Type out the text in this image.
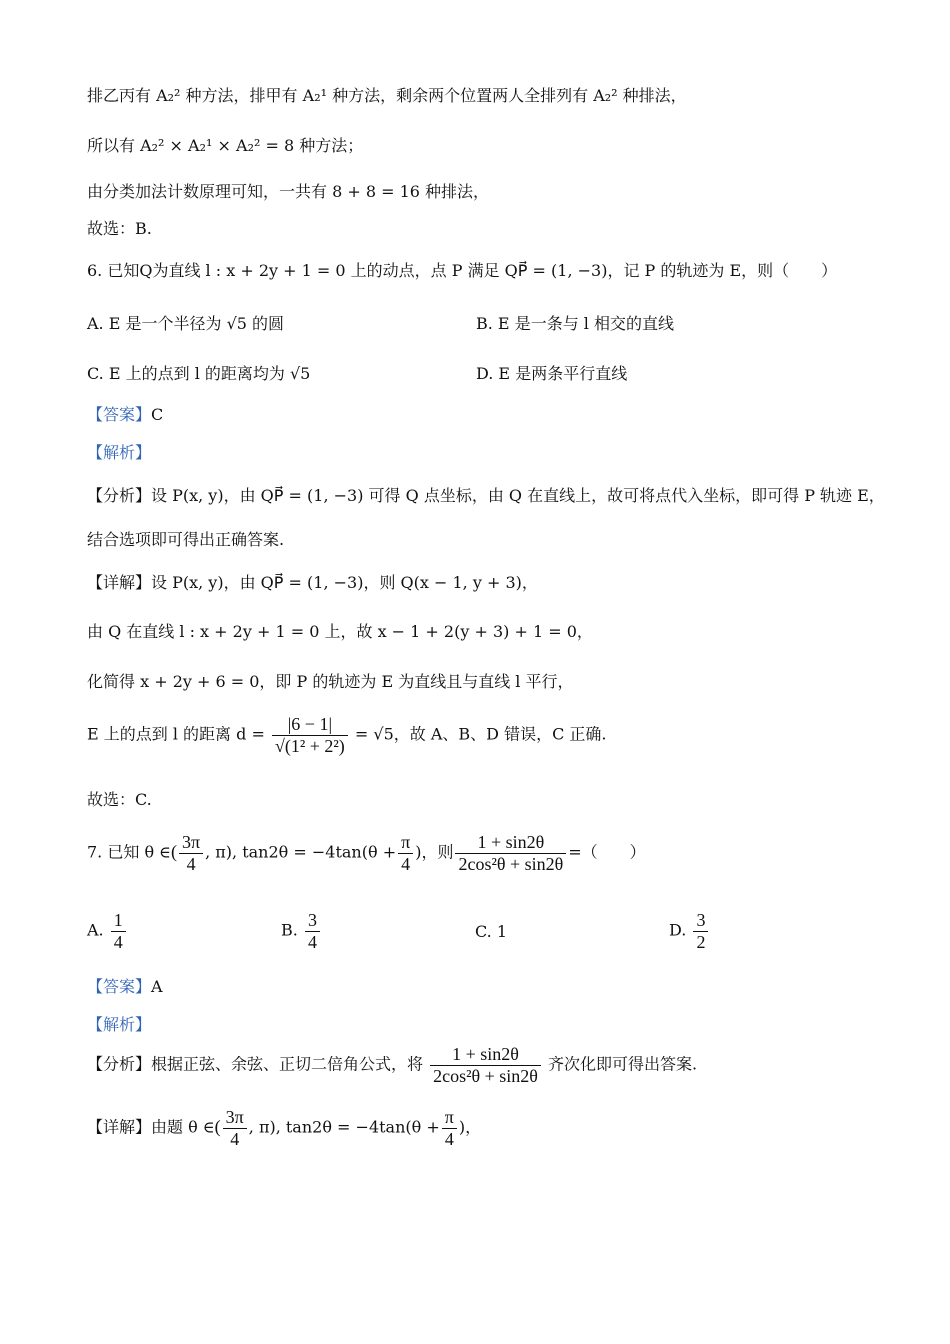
排乙丙有 A₂² 种方法，排甲有 A₂¹ 种方法，剩余两个位置两人全排列有 A₂² 种排法，
所以有 A₂² × A₂¹ × A₂² = 8 种方法；
由分类加法计数原理可知，一共有 8 + 8 = 16 种排法，
故选：B.
6. 已知Q为直线 l : x + 2y + 1 = 0 上的动点，点 P 满足 QP⃗ = (1, −3)，记 P 的轨迹为 E，则（　　）
A. E 是一个半径为 √5 的圆	B. E 是一条与 l 相交的直线
C. E 上的点到 l 的距离均为 √5	D. E 是两条平行直线
【答案】C
【解析】
【分析】设 P(x, y)，由 QP⃗ = (1, −3) 可得 Q 点坐标，由 Q 在直线上，故可将点代入坐标，即可得 P 轨迹 E，
结合选项即可得出正确答案.
【详解】设 P(x, y)，由 QP⃗ = (1, −3)，则 Q(x − 1, y + 3)，
由 Q 在直线 l : x + 2y + 1 = 0 上，故 x − 1 + 2(y + 3) + 1 = 0，
化简得 x + 2y + 6 = 0，即 P 的轨迹为 E 为直线且与直线 l 平行，
E 上的点到 l 的距离 $d = \frac{|6 - 1|}{\text{√(1² + 2²)}} = √5$，故 A、B、D 错误，C 正确.
故选：C.
7. 已知 θ ∈( $\frac{3\pi}{4}$ , π), $\tan 2\theta = -4\tan(\theta + \frac{\pi}{4}$ )，则 $\frac{1 + \sin 2\theta}{\text{2cos²θ + sin2θ}}$ =（　　）
A. $\frac{1}{4}$	B. $\frac{3}{4}$	C. 1	D. $\frac{3}{2}$
【答案】A
【解析】
【分析】根据正弦、余弦、正切二倍角公式，将 $\frac{1 + \sin 2\theta}{\text{2cos²θ + sin2θ}}$ 齐次化即可得出答案.
【详解】由题 θ ∈( $\frac{3\pi}{4}$ , π), $\tan 2\theta = -4\tan(\theta + \frac{\pi}{4}$ )，
